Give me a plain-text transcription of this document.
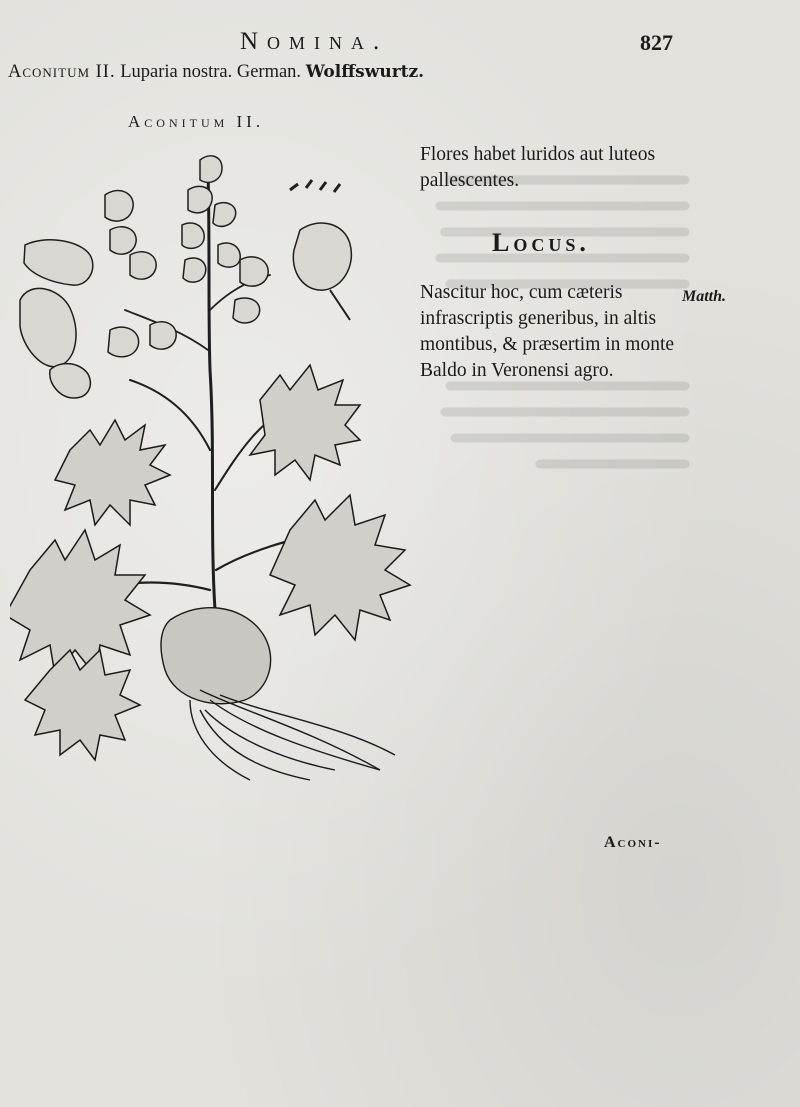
Nomina.	827
Aconitum II. Luparia nostra. German. Wolffswurtz.
Aconitum II.
Flores habet luridos aut luteos pallescentes.
Locus.
Nascitur hoc, cum cæteris infrascriptis generibus, in altis montibus, & præsertim in monte Baldo in Veronensi agro.
Matth.
Aconi-
